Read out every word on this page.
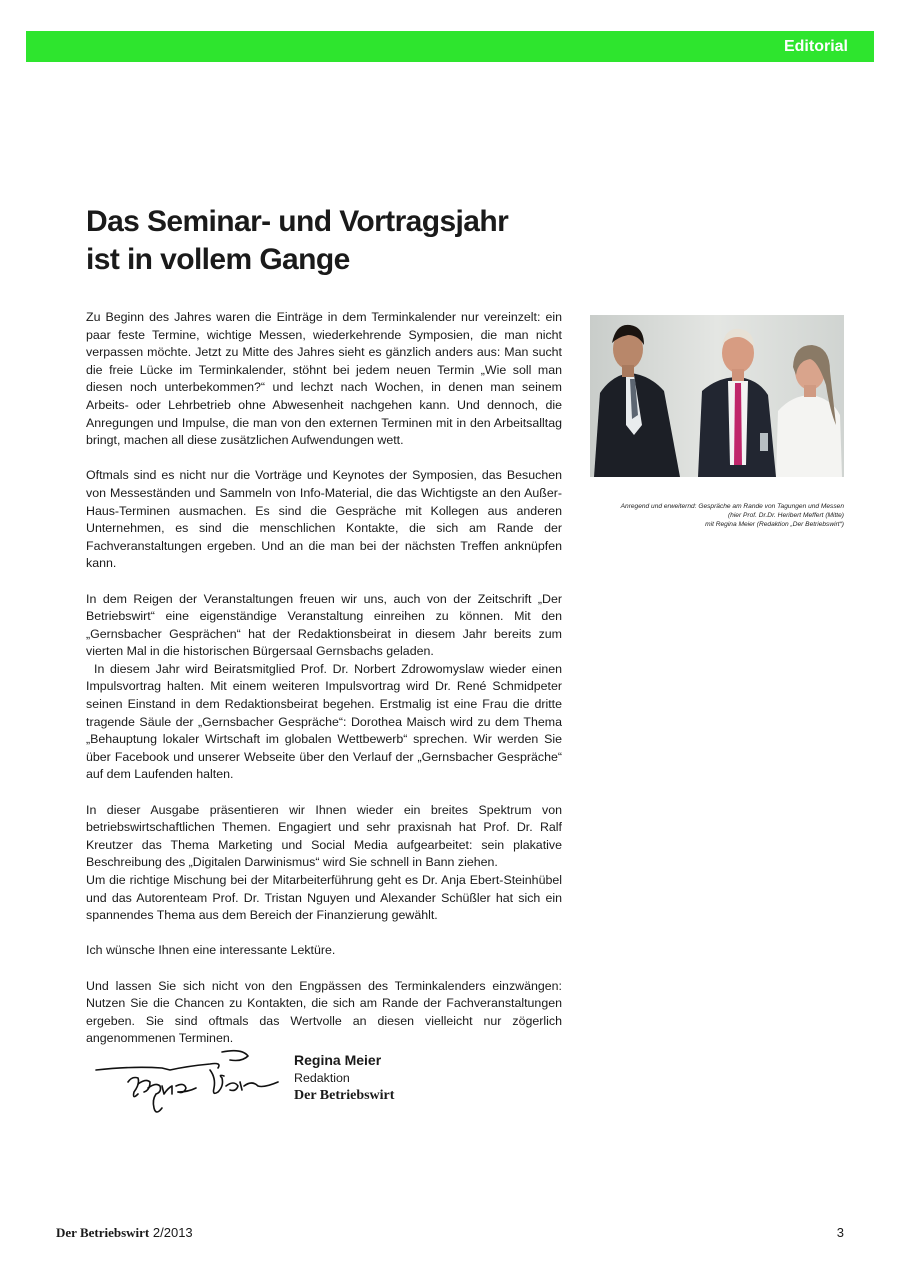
Editorial
Das Seminar- und Vortragsjahr
ist in vollem Gange

Zu Beginn des Jahres waren die Einträge in dem Terminkalender nur vereinzelt: ein paar feste Termine, wichtige Messen, wiederkehrende Symposien, die man nicht verpassen möchte. Jetzt zu Mitte des Jahres sieht es gänzlich anders aus: Man sucht die freie Lücke im Terminkalender, stöhnt bei jedem neuen Termin „Wie soll man diesen noch unterbekommen?“ und lechzt nach Wochen, in denen man seinem Arbeits- oder Lehrbetrieb ohne Abwesenheit nachgehen kann. Und dennoch, die Anregungen und Impulse, die man von den externen Terminen mit in den Arbeitsalltag bringt, machen all diese zusätzlichen Aufwendungen wett.

Oftmals sind es nicht nur die Vorträge und Keynotes der Symposien, das Besuchen von Messeständen und Sammeln von Info-Material, die das Wichtigste an den Außer-Haus-Terminen ausmachen. Es sind die Gespräche mit Kollegen aus anderen Unternehmen, es sind die menschlichen Kontakte, die sich am Rande der Fachveranstaltungen ergeben. Und an die man bei der nächsten Treffen anknüpfen kann.

In dem Reigen der Veranstaltungen freuen wir uns, auch von der Zeitschrift „Der Betriebswirt“ eine eigenständige Veranstaltung einreihen zu können. Mit den „Gernsbacher Gesprächen“ hat der Redaktionsbeirat in diesem Jahr bereits zum vierten Mal in die historischen Bürgersaal Gernsbachs geladen.
In diesem Jahr wird Beiratsmitglied Prof. Dr. Norbert Zdrowomyslaw wieder einen Impulsvortrag halten. Mit einem weiteren Impulsvortrag wird Dr. René Schmidpeter seinen Einstand in dem Redaktionsbeirat begehen. Erstmalig ist eine Frau die dritte tragende Säule der „Gernsbacher Gespräche“: Dorothea Maisch wird zu dem Thema „Behauptung lokaler Wirtschaft im globalen Wettbewerb“ sprechen. Wir werden Sie über Facebook und unserer Webseite über den Verlauf der „Gernsbacher Gespräche“ auf dem Laufenden halten.

In dieser Ausgabe präsentieren wir Ihnen wieder ein breites Spektrum von betriebswirtschaftlichen Themen. Engagiert und sehr praxisnah hat Prof. Dr. Ralf Kreutzer das Thema Marketing und Social Media aufgearbeitet: sein plakative Beschreibung des „Digitalen Darwinismus“ wird Sie schnell in Bann ziehen.
Um die richtige Mischung bei der Mitarbeiterführung geht es Dr. Anja Ebert-Steinhübel und das Autorenteam Prof. Dr. Tristan Nguyen und Alexander Schüßler hat sich ein spannendes Thema aus dem Bereich der Finanzierung gewählt.

Ich wünsche Ihnen eine interessante Lektüre.

Und lassen Sie sich nicht von den Engpässen des Terminkalenders einzwängen: Nutzen Sie die Chancen zu Kontakten, die sich am Rande der Fachveranstaltungen ergeben. Sie sind oftmals das Wertvolle an diesen vielleicht nur zögerlich angenommenen Terminen.

Anregend und erweiternd: Gespräche am Rande von Tagungen und Messen
(hier Prof. Dr.Dr. Heribert Meffert (Mitte)
mit Regina Meier (Redaktion „Der Betriebswirt“)
Regina Meier
Redaktion
Der Betriebswirt
Der Betriebswirt 2/2013	3
